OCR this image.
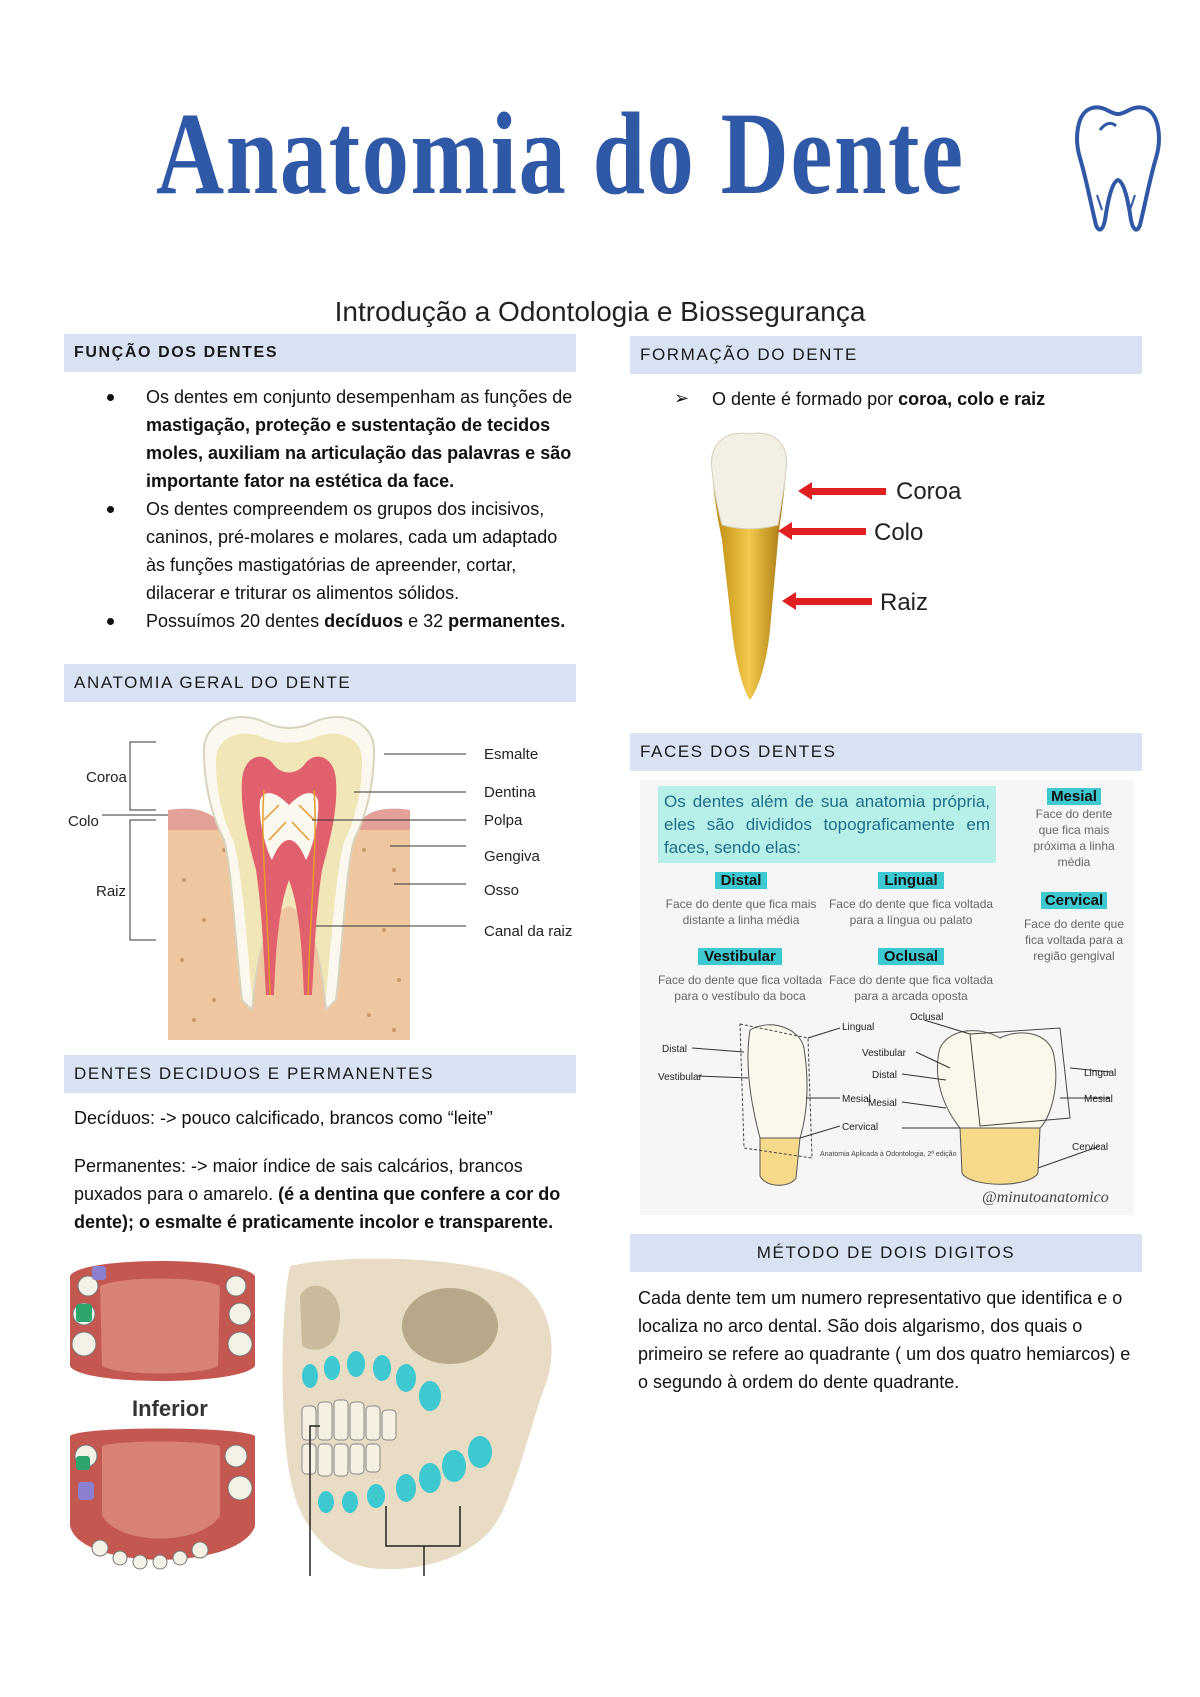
Anatomia do Dente
Introdução a Odontologia e Biossegurança
FUNÇÃO DOS DENTES
Os dentes em conjunto desempenham as funções de mastigação, proteção e sustentação de tecidos moles, auxiliam na articulação das palavras e são importante fator na estética da face.
Os dentes compreendem os grupos dos incisivos, caninos, pré-molares e molares, cada um adaptado às funções mastigatórias de apreender, cortar, dilacerar e triturar os alimentos sólidos.
Possuímos 20 dentes decíduos e 32 permanentes.
FORMAÇÃO DO DENTE
➢ O dente é formado por coroa, colo e raiz
Coroa
Colo
Raiz
ANATOMIA GERAL DO DENTE
Coroa
Colo
Raiz
Esmalte
Dentina
Polpa
Gengiva
Osso
Canal da raiz
FACES DOS DENTES
Os dentes além de sua anatomia própria, eles são divididos topograficamente em faces, sendo elas:
Mesial
Face do dente que fica mais próxima a linha média
Distal
Face do dente que fica mais distante a linha média
Lingual
Face do dente que fica voltada para a língua ou palato
Cervical
Face do dente que fica voltada para a região gengival
Vestibular
Face do dente que fica voltada para o vestíbulo da boca
Oclusal
Face do dente que fica voltada para a arcada oposta
Distal
Vestibular
Lingual
Mesial
Cervical
Oclusal
Vestibular
Distal
Mesial
Lingual
Mesial
Cervical
Anatomia Aplicada à Odontologia, 2ª edição
@minutoanatomico
DENTES DECIDUOS E PERMANENTES
Decíduos: -> pouco calcificado, brancos como “leite”
Permanentes: -> maior índice de sais calcários, brancos puxados para o amarelo. (é a dentina que confere a cor do dente); o esmalte é praticamente incolor e transparente.
Inferior
MÉTODO DE DOIS DIGITOS
Cada dente tem um numero representativo que identifica e o localiza no arco dental. São dois algarismo, dos quais o primeiro se refere ao quadrante ( um dos quatro hemiarcos) e o segundo à ordem do dente quadrante.
